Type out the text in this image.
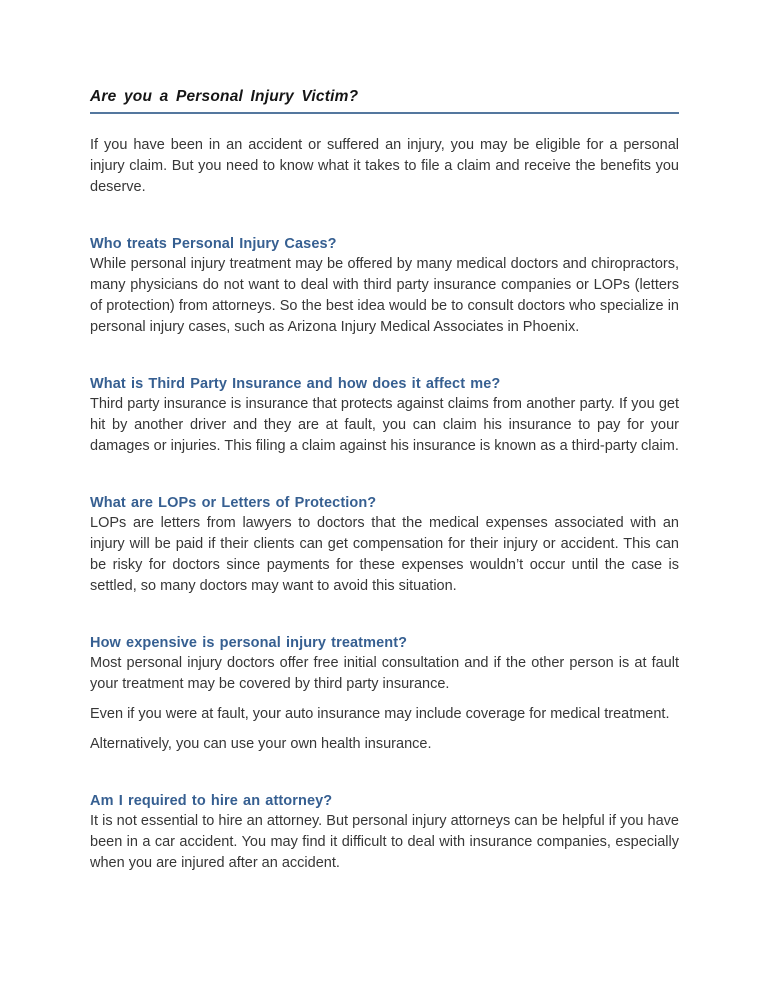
Are you a Personal Injury Victim?

If you have been in an accident or suffered an injury, you may be eligible for a personal injury claim. But you need to know what it takes to file a claim and receive the benefits you deserve.

Who treats Personal Injury Cases?

While personal injury treatment may be offered by many medical doctors and chiropractors, many physicians do not want to deal with third party insurance companies or LOPs (letters of protection) from attorneys. So the best idea would be to consult doctors who specialize in personal injury cases, such as Arizona Injury Medical Associates in Phoenix.

What is Third Party Insurance and how does it affect me?

Third party insurance is insurance that protects against claims from another party. If you get hit by another driver and they are at fault, you can claim his insurance to pay for your damages or injuries. This filing a claim against his insurance is known as a third-party claim.

What are LOPs or Letters of Protection?

LOPs are letters from lawyers to doctors that the medical expenses associated with an injury will be paid if their clients can get compensation for their injury or accident. This can be risky for doctors since payments for these expenses wouldn’t occur until the case is settled, so many doctors may want to avoid this situation.

How expensive is personal injury treatment?

Most personal injury doctors offer free initial consultation and if the other person is at fault your treatment may be covered by third party insurance.

Even if you were at fault, your auto insurance may include coverage for medical treatment.

Alternatively, you can use your own health insurance.

Am I required to hire an attorney?

It is not essential to hire an attorney. But personal injury attorneys can be helpful if you have been in a car accident. You may find it difficult to deal with insurance companies, especially when you are injured after an accident.
